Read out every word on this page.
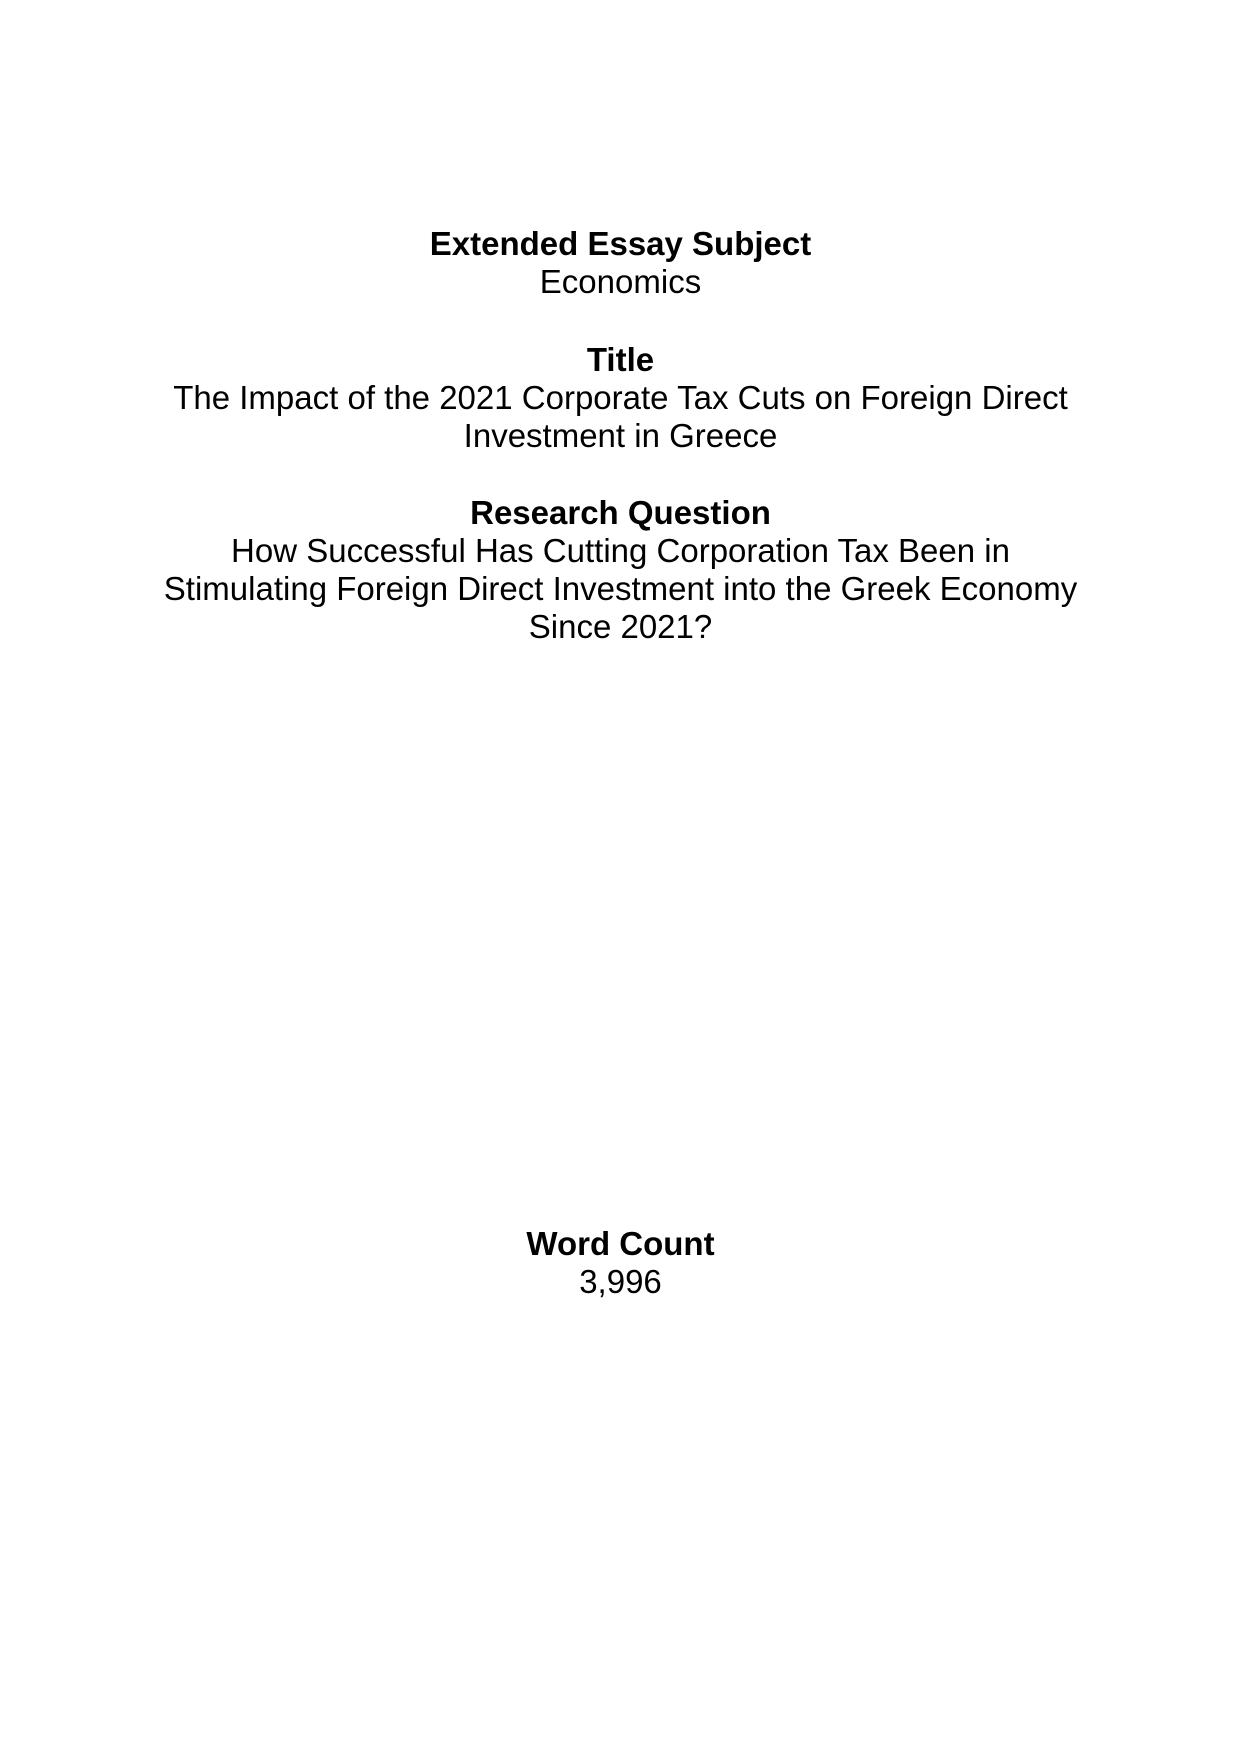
Extended Essay Subject
Economics
Title
The Impact of the 2021 Corporate Tax Cuts on Foreign Direct
Investment in Greece
Research Question
How Successful Has Cutting Corporation Tax Been in
Stimulating Foreign Direct Investment into the Greek Economy
Since 2021?
Word Count
3,996
